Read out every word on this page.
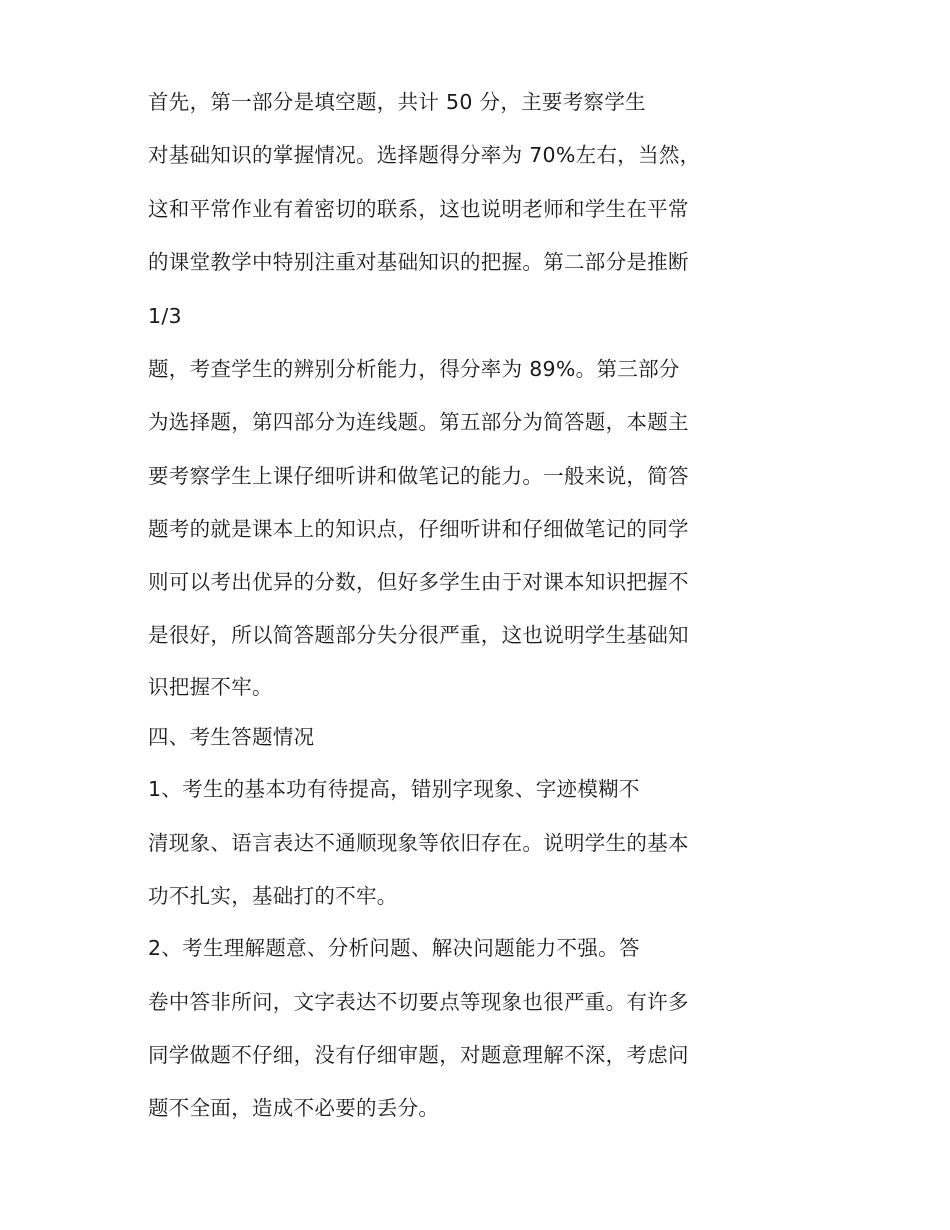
首先，第一部分是填空题，共计 50 分，主要考察学生
对基础知识的掌握情况。选择题得分率为 70%左右，当然，
这和平常作业有着密切的联系，这也说明老师和学生在平常
的课堂教学中特别注重对基础知识的把握。第二部分是推断
1/3
题，考查学生的辨别分析能力，得分率为 89%。第三部分
为选择题，第四部分为连线题。第五部分为简答题，本题主
要考察学生上课仔细听讲和做笔记的能力。一般来说，简答
题考的就是课本上的知识点，仔细听讲和仔细做笔记的同学
则可以考出优异的分数，但好多学生由于对课本知识把握不
是很好，所以简答题部分失分很严重，这也说明学生基础知
识把握不牢。
四、考生答题情况
1、考生的基本功有待提高，错别字现象、字迹模糊不
清现象、语言表达不通顺现象等依旧存在。说明学生的基本
功不扎实，基础打的不牢。
2、考生理解题意、分析问题、解决问题能力不强。答
卷中答非所问，文字表达不切要点等现象也很严重。有许多
同学做题不仔细，没有仔细审题，对题意理解不深，考虑问
题不全面，造成不必要的丢分。
